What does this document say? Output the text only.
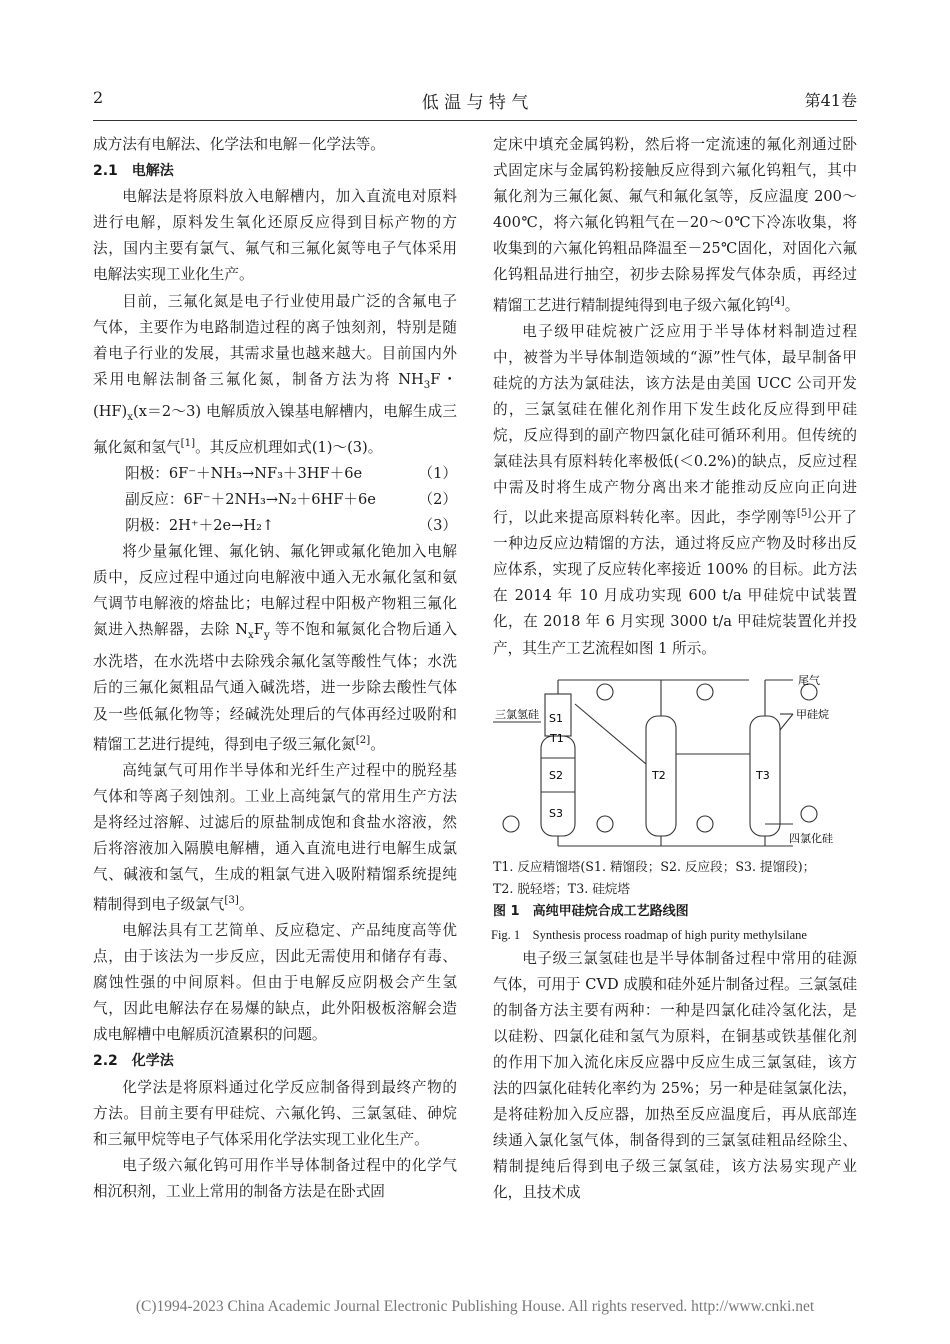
2	低 温 与 特 气	第41卷

成方法有电解法、化学法和电解－化学法等。

2.1　电解法

电解法是将原料放入电解槽内，加入直流电对原料进行电解，原料发生氧化还原反应得到目标产物的方法，国内主要有氯气、氟气和三氟化氮等电子气体采用电解法实现工业化生产。

目前，三氟化氮是电子行业使用最广泛的含氟电子气体，主要作为电路制造过程的离子蚀刻剂，特别是随着电子行业的发展，其需求量也越来越大。目前国内外采用电解法制备三氟化氮，制备方法为将 $NH_3F$・$(HF)_x(x=2\sim 3)$ 电解质放入镍基电解槽内，电解生成三氟化氮和氢气[1]。其反应机理如式(1)～(3)。

阳极：6F⁻＋NH₃→NF₃＋3HF＋6e	（1）

副反应：6F⁻＋2NH₃→N₂＋6HF＋6e	（2）

阴极：2H⁺＋2e→H₂↑	（3）

将少量氟化锂、氟化钠、氟化钾或氟化铯加入电解质中，反应过程中通过向电解液中通入无水氟化氢和氨气调节电解液的熔盐比；电解过程中阳极产物粗三氟化氮进入热解器，去除 $N_xF_y$ 等不饱和氟氮化合物后通入水洗塔，在水洗塔中去除残余氟化氢等酸性气体；水洗后的三氟化氮粗品气通入碱洗塔，进一步除去酸性气体及一些低氟化物等；经碱洗处理后的气体再经过吸附和精馏工艺进行提纯，得到电子级三氟化氮[2]。

高纯氯气可用作半导体和光纤生产过程中的脱羟基气体和等离子刻蚀剂。工业上高纯氯气的常用生产方法是将经过溶解、过滤后的原盐制成饱和食盐水溶液，然后将溶液加入隔膜电解槽，通入直流电进行电解生成氯气、碱液和氢气，生成的粗氯气进入吸附精馏系统提纯精制得到电子级氯气[3]。

电解法具有工艺简单、反应稳定、产品纯度高等优点，由于该法为一步反应，因此无需使用和储存有毒、腐蚀性强的中间原料。但由于电解反应阴极会产生氢气，因此电解法存在易爆的缺点，此外阳极板溶解会造成电解槽中电解质沉渣累积的问题。

2.2　化学法

化学法是将原料通过化学反应制备得到最终产物的方法。目前主要有甲硅烷、六氟化钨、三氯氢硅、砷烷和三氟甲烷等电子气体采用化学法实现工业化生产。

电子级六氟化钨可用作半导体制备过程中的化学气相沉积剂，工业上常用的制备方法是在卧式固

定床中填充金属钨粉，然后将一定流速的氟化剂通过卧式固定床与金属钨粉接触反应得到六氟化钨粗气，其中氟化剂为三氟化氮、氟气和氟化氢等，反应温度 200～400℃，将六氟化钨粗气在－20～0℃下冷冻收集，将收集到的六氟化钨粗品降温至－25℃固化，对固化六氟化钨粗品进行抽空，初步去除易挥发气体杂质，再经过精馏工艺进行精制提纯得到电子级六氟化钨[4]。

电子级甲硅烷被广泛应用于半导体材料制造过程中，被誉为半导体制造领域的“源”性气体，最早制备甲硅烷的方法为氯硅法，该方法是由美国 UCC 公司开发的，三氯氢硅在催化剂作用下发生歧化反应得到甲硅烷，反应得到的副产物四氯化硅可循环利用。但传统的氯硅法具有原料转化率极低(＜0.2%)的缺点，反应过程中需及时将生成产物分离出来才能推动反应向正向进行，以此来提高原料转化率。因此，李学刚等[5]公开了一种边反应边精馏的方法，通过将反应产物及时移出反应体系，实现了反应转化率接近 100% 的目标。此方法在 2014 年 10 月成功实现 600 t/a 甲硅烷中试装置化，在 2018 年 6 月实现 3000 t/a 甲硅烷装置化并投产，其生产工艺流程如图 1 所示。

三氯氢硅
尾气
甲硅烷
四氯化硅
S1
T1
S2
S3
T2	T3

T1. 反应精馏塔(S1. 精馏段；S2. 反应段；S3. 提馏段)；

T2. 脱轻塔；T3. 硅烷塔

图 1　高纯甲硅烷合成工艺路线图

Fig. 1　Synthesis process roadmap of high purity methylsilane

电子级三氯氢硅也是半导体制备过程中常用的硅源气体，可用于 CVD 成膜和硅外延片制备过程。三氯氢硅的制备方法主要有两种：一种是四氯化硅冷氢化法，是以硅粉、四氯化硅和氢气为原料，在铜基或铁基催化剂的作用下加入流化床反应器中反应生成三氯氢硅，该方法的四氯化硅转化率约为 25%；另一种是硅氢氯化法，是将硅粉加入反应器，加热至反应温度后，再从底部连续通入氯化氢气体，制备得到的三氯氢硅粗品经除尘、精制提纯后得到电子级三氯氢硅，该方法易实现产业化，且技术成

(C)1994-2023 China Academic Journal Electronic Publishing House. All rights reserved. http://www.cnki.net
